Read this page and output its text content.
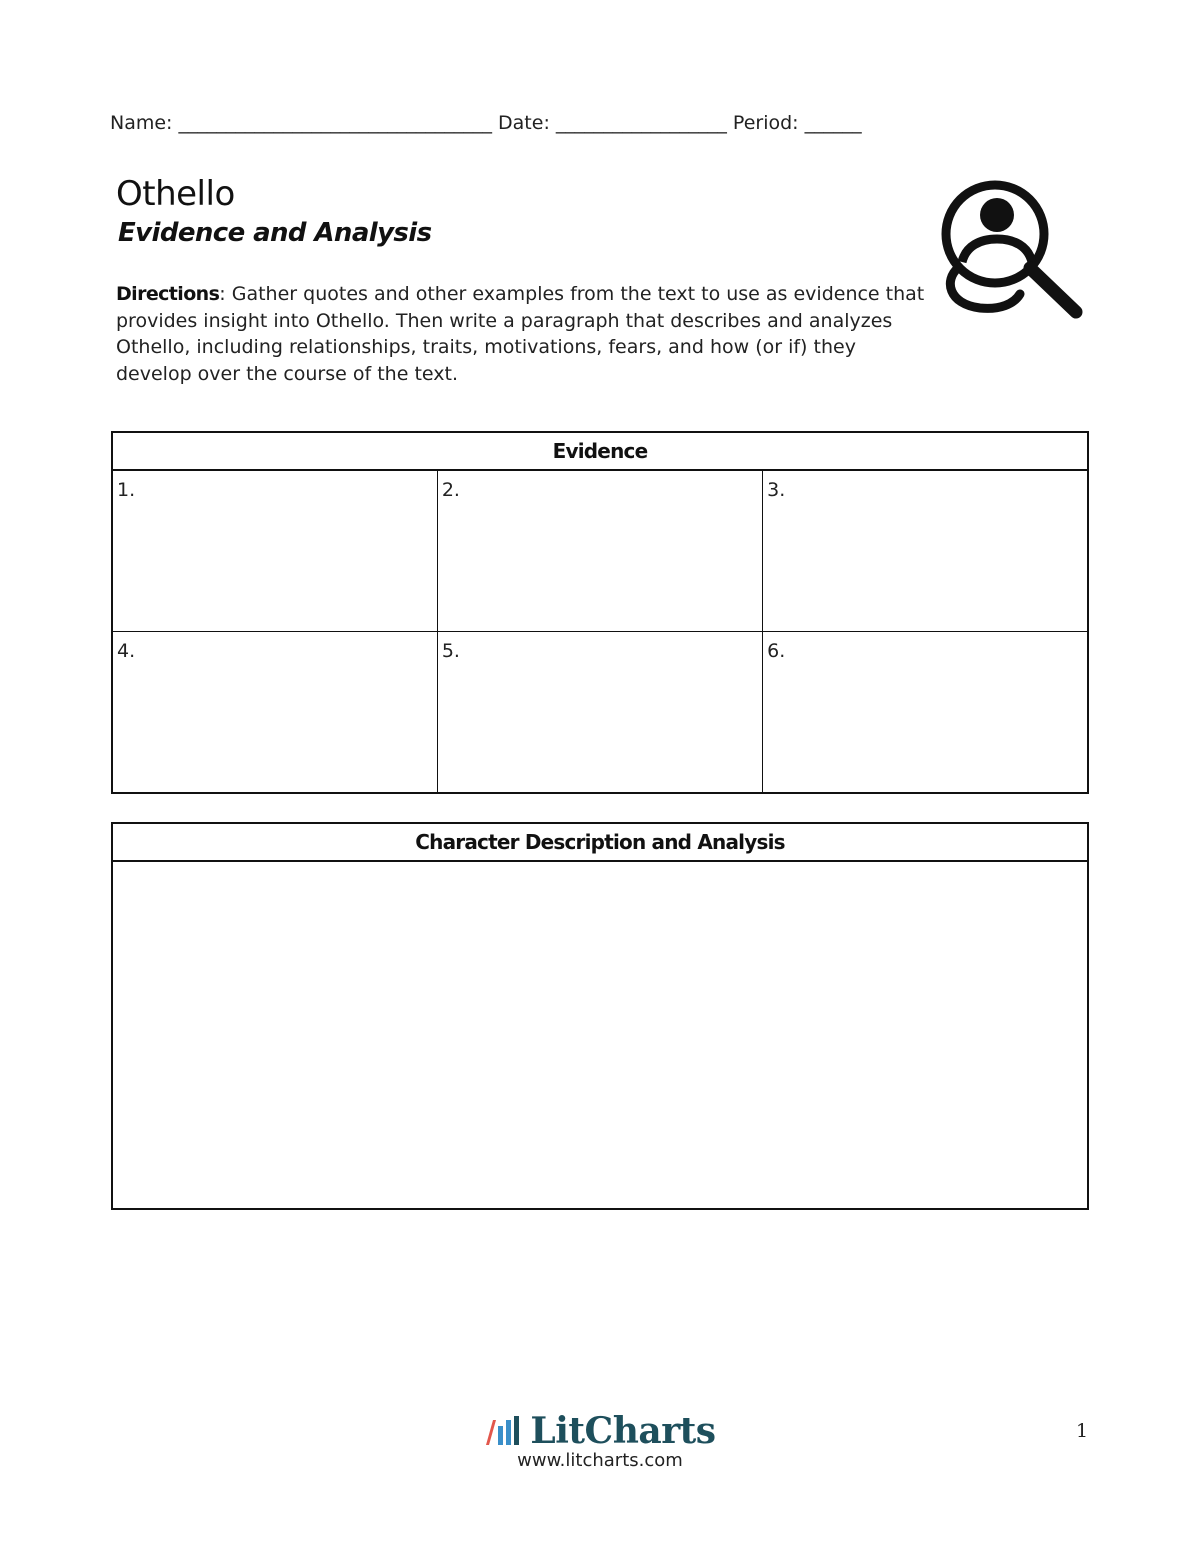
Name: _________________________________ Date: __________________ Period: ______
Othello
Evidence and Analysis
Directions: Gather quotes and other examples from the text to use as evidence that provides insight into Othello. Then write a paragraph that describes and analyzes Othello, including relationships, traits, motivations, fears, and how (or if) they develop over the course of the text.
Evidence		
1.	2.	3.
4.	5.	6.
Character Description and Analysis

LitCharts
www.litcharts.com
1
